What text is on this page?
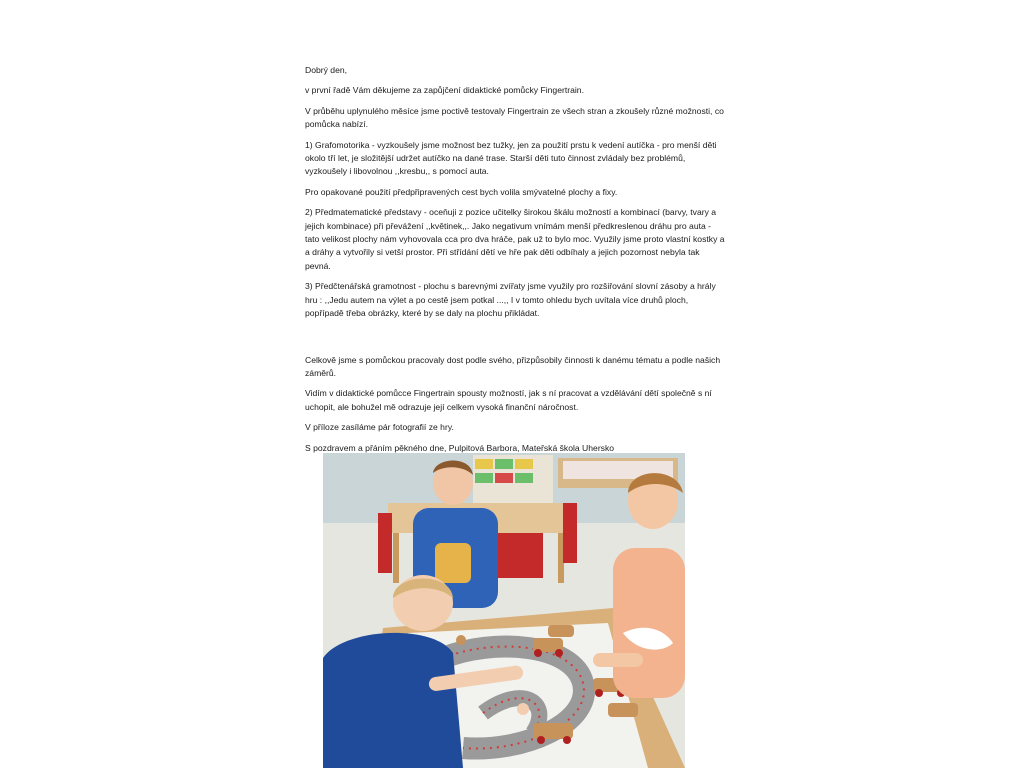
Dobrý den,

v první řadě Vám děkujeme za zapůjčení didaktické pomůcky Fingertrain.

V průběhu uplynulého měsíce jsme poctivě testovaly Fingertrain ze všech stran a zkoušely různé možnosti, co pomůcka nabízí.

1) Grafomotorika - vyzkoušely jsme možnost bez tužky, jen za použití prstu k vedení autíčka - pro menší děti okolo tří let, je složitější udržet autíčko na dané trase. Starší děti tuto činnost zvládaly bez problémů, vyzkoušely i libovolnou ,,kresbu,, s pomocí auta.

Pro opakované použití předpřipravených cest bych volila smývatelné plochy a fixy.

2) Předmatematické představy - oceňuji z pozice učitelky širokou škálu možností a kombinací (barvy, tvary a jejich kombinace) při převážení ,,květinek,,. Jako negativum vnímám menší předkreslenou dráhu pro auta - tato velikost plochy nám vyhovovala cca pro dva hráče, pak už to bylo moc. Využily jsme proto vlastní kostky a a dráhy a vytvořily si vetší prostor. Při střídání dětí ve hře pak děti odbíhaly a jejich pozornost nebyla tak pevná.

3) Předčtenářská gramotnost - plochu s barevnými zvířaty jsme využily pro rozšiřování slovní zásoby a hrály hru : ,,Jedu autem na výlet a po cestě jsem potkal ...,, I v tomto ohledu bych uvítala více druhů ploch, popřípadě třeba obrázky, které by se daly na plochu přikládat.

Celkově jsme s pomůckou pracovaly dost podle svého, přizpůsobily činnosti k danému tématu a podle našich záměrů.

Vidím v didaktické pomůcce Fingertrain spousty možností, jak s ní pracovat a vzdělávání dětí společně s ní uchopit, ale bohužel mě odrazuje její celkem vysoká finanční náročnost.

V příloze zasíláme pár fotografií ze hry.

S pozdravem a přáním pěkného dne, Pulpitová Barbora, Mateřská škola Uhersko
